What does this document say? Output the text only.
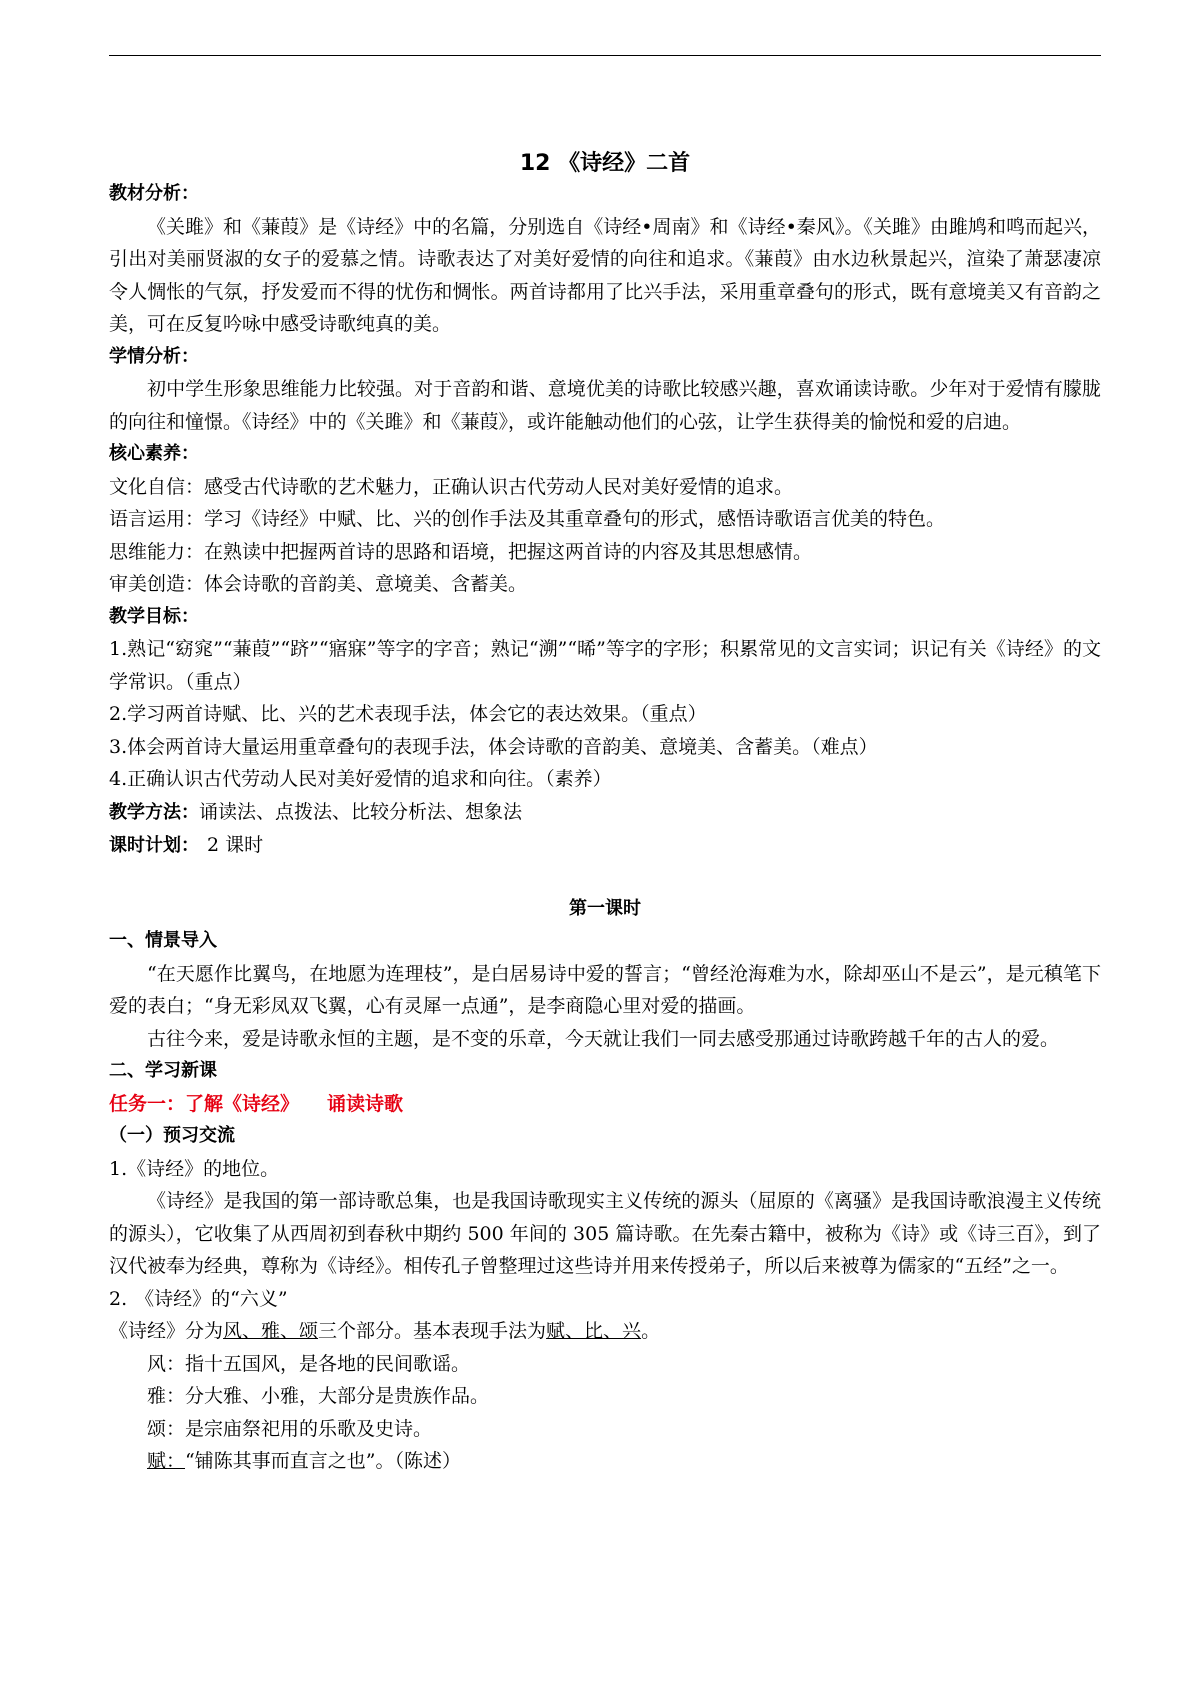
12 《诗经》二首
教材分析：
《关雎》和《蒹葭》是《诗经》中的名篇，分别选自《诗经•周南》和《诗经•秦风》。《关雎》由雎鸠和鸣而起兴，引出对美丽贤淑的女子的爱慕之情。诗歌表达了对美好爱情的向往和追求。《蒹葭》由水边秋景起兴，渲染了萧瑟凄凉令人惆怅的气氛，抒发爱而不得的忧伤和惆怅。两首诗都用了比兴手法，采用重章叠句的形式，既有意境美又有音韵之美，可在反复吟咏中感受诗歌纯真的美。
学情分析：
初中学生形象思维能力比较强。对于音韵和谐、意境优美的诗歌比较感兴趣，喜欢诵读诗歌。少年对于爱情有朦胧的向往和憧憬。《诗经》中的《关雎》和《蒹葭》，或许能触动他们的心弦，让学生获得美的愉悦和爱的启迪。
核心素养：
文化自信：感受古代诗歌的艺术魅力，正确认识古代劳动人民对美好爱情的追求。
语言运用：学习《诗经》中赋、比、兴的创作手法及其重章叠句的形式，感悟诗歌语言优美的特色。
思维能力：在熟读中把握两首诗的思路和语境，把握这两首诗的内容及其思想感情。
审美创造：体会诗歌的音韵美、意境美、含蓄美。
教学目标：
1.熟记“窈窕”“蒹葭”“跻”“寤寐”等字的字音；熟记“溯”“晞”等字的字形；积累常见的文言实词；识记有关《诗经》的文学常识。（重点）
2.学习两首诗赋、比、兴的艺术表现手法，体会它的表达效果。（重点）
3.体会两首诗大量运用重章叠句的表现手法，体会诗歌的音韵美、意境美、含蓄美。（难点）
4.正确认识古代劳动人民对美好爱情的追求和向往。（素养）
教学方法：诵读法、点拨法、比较分析法、想象法
课时计划： 2 课时
第一课时
一、情景导入
“在天愿作比翼鸟，在地愿为连理枝”，是白居易诗中爱的誓言；“曾经沧海难为水，除却巫山不是云”，是元稹笔下爱的表白；“身无彩凤双飞翼，心有灵犀一点通”，是李商隐心里对爱的描画。
古往今来，爱是诗歌永恒的主题，是不变的乐章，今天就让我们一同去感受那通过诗歌跨越千年的古人的爱。
二、学习新课
任务一：了解《诗经》 诵读诗歌
（一）预习交流
1.《诗经》的地位。
《诗经》是我国的第一部诗歌总集，也是我国诗歌现实主义传统的源头（屈原的《离骚》是我国诗歌浪漫主义传统的源头），它收集了从西周初到春秋中期约 500 年间的 305 篇诗歌。在先秦古籍中，被称为《诗》或《诗三百》，到了汉代被奉为经典，尊称为《诗经》。相传孔子曾整理过这些诗并用来传授弟子，所以后来被尊为儒家的“五经”之一。
2. 《诗经》的“六义”
《诗经》分为风、雅、颂三个部分。基本表现手法为赋、比、兴。
风：指十五国风，是各地的民间歌谣。
雅：分大雅、小雅，大部分是贵族作品。
颂：是宗庙祭祀用的乐歌及史诗。
赋：“铺陈其事而直言之也”。（陈述）
